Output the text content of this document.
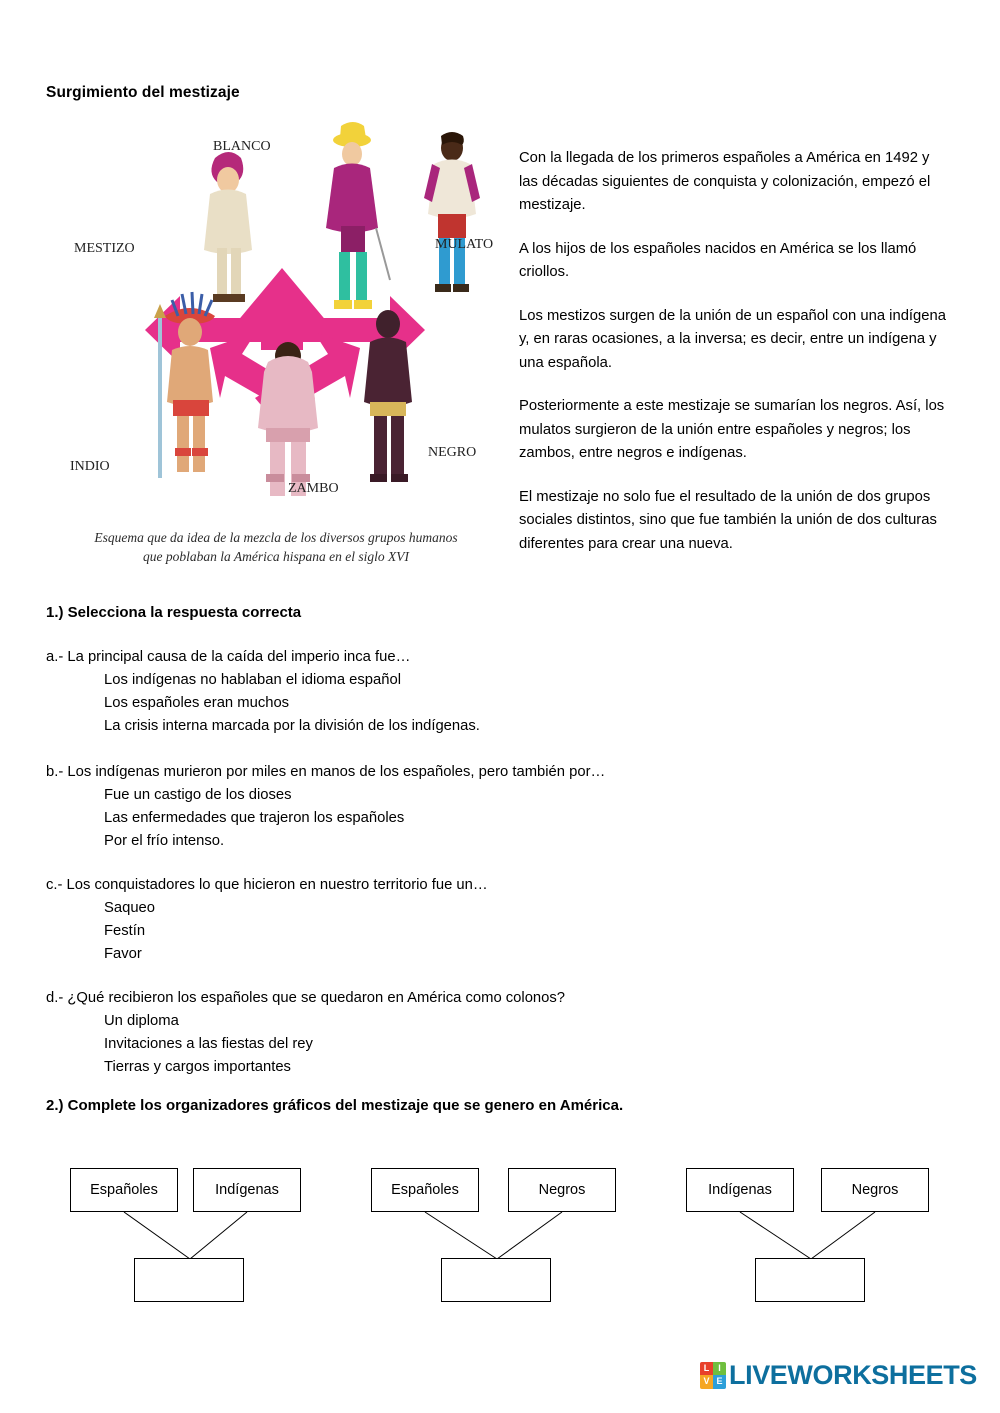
Surgimiento del mestizaje
BLANCO
MESTIZO	MULATO
INDIO
ZAMBO
NEGRO
Esquema que da idea de la mezcla de los diversos grupos humanos
que poblaban la América hispana en el siglo XVI

Con la llegada de los primeros españoles a América en 1492 y las décadas siguientes de conquista y colonización, empezó el mestizaje.

A los hijos de los españoles nacidos en América se los llamó criollos.

Los mestizos surgen de la unión de un español con una indígena y, en raras ocasiones, a la inversa; es decir, entre un indígena y una española.

Posteriormente a este mestizaje se sumarían los negros. Así, los mulatos surgieron de la unión entre españoles y negros; los zambos, entre negros e indígenas.

El mestizaje no solo fue el resultado de la unión de dos grupos sociales distintos, sino que fue también la unión de dos culturas diferentes para crear una nueva.

1.) Selecciona la respuesta correcta

a.- La principal causa de la caída del imperio inca fue…

Los indígenas no hablaban el idioma español

Los españoles eran muchos

La crisis interna marcada por la división de los indígenas.

b.- Los indígenas murieron por miles en manos de los españoles, pero también por…

Fue un castigo de los dioses

Las enfermedades que trajeron los españoles

Por el frío intenso.

c.- Los conquistadores lo que hicieron en nuestro territorio fue un…

Saqueo

Festín

Favor

d.- ¿Qué recibieron los españoles que se quedaron en América como colonos?

Un diploma

Invitaciones a las fiestas del rey

Tierras y cargos importantes

2.) Complete los organizadores gráficos del mestizaje que se genero en América.
Españoles	Indígenas	Españoles	Negros	Indígenas	Negros
L I
V E LIVEWORKSHEETS
